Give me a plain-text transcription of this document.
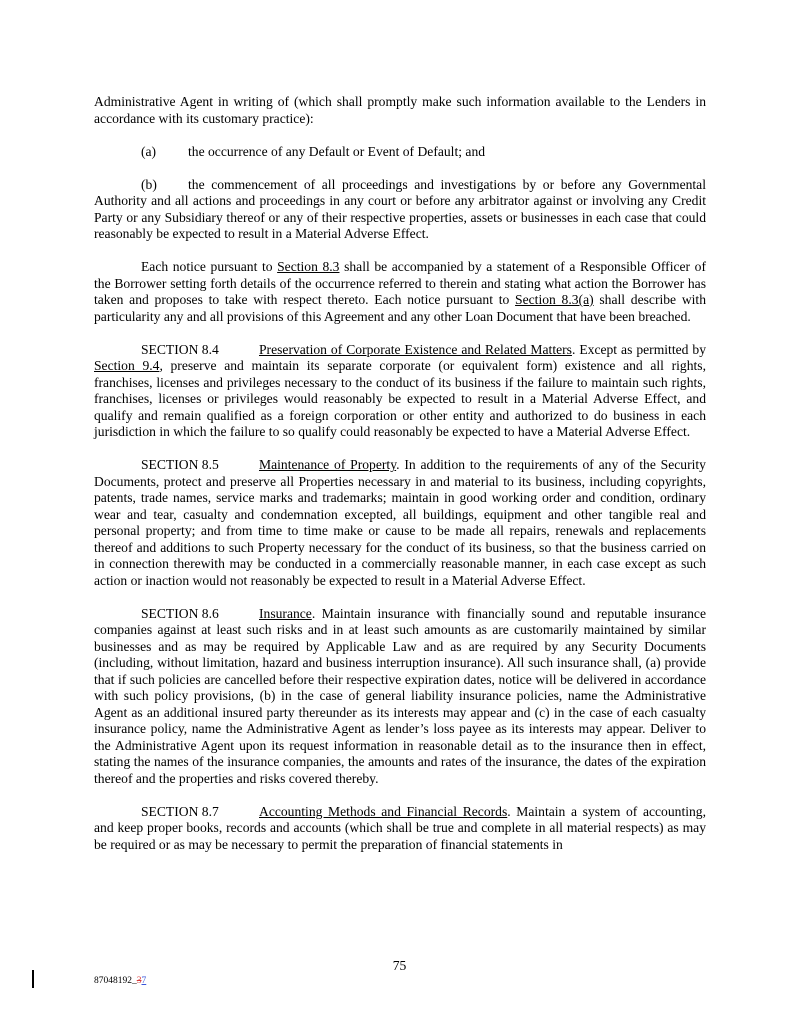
Administrative Agent in writing of (which shall promptly make such information available to the Lenders in accordance with its customary practice):

(a)	the occurrence of any Default or Event of Default; and

(b) the commencement of all proceedings and investigations by or before any Governmental Authority and all actions and proceedings in any court or before any arbitrator against or involving any Credit Party or any Subsidiary thereof or any of their respective properties, assets or businesses in each case that could reasonably be expected to result in a Material Adverse Effect.

Each notice pursuant to Section 8.3 shall be accompanied by a statement of a Responsible Officer of the Borrower setting forth details of the occurrence referred to therein and stating what action the Borrower has taken and proposes to take with respect thereto. Each notice pursuant to Section 8.3(a) shall describe with particularity any and all provisions of this Agreement and any other Loan Document that have been breached.

SECTION 8.4	Preservation of Corporate Existence and Related Matters. Except as permitted by Section 9.4, preserve and maintain its separate corporate (or equivalent form) existence and all rights, franchises, licenses and privileges necessary to the conduct of its business if the failure to maintain such rights, franchises, licenses or privileges would reasonably be expected to result in a Material Adverse Effect, and qualify and remain qualified as a foreign corporation or other entity and authorized to do business in each jurisdiction in which the failure to so qualify could reasonably be expected to have a Material Adverse Effect.

SECTION 8.5	Maintenance of Property. In addition to the requirements of any of the Security Documents, protect and preserve all Properties necessary in and material to its business, including copyrights, patents, trade names, service marks and trademarks; maintain in good working order and condition, ordinary wear and tear, casualty and condemnation excepted, all buildings, equipment and other tangible real and personal property; and from time to time make or cause to be made all repairs, renewals and replacements thereof and additions to such Property necessary for the conduct of its business, so that the business carried on in connection therewith may be conducted in a commercially reasonable manner, in each case except as such action or inaction would not reasonably be expected to result in a Material Adverse Effect.

SECTION 8.6	Insurance. Maintain insurance with financially sound and reputable insurance companies against at least such risks and in at least such amounts as are customarily maintained by similar businesses and as may be required by Applicable Law and as are required by any Security Documents (including, without limitation, hazard and business interruption insurance). All such insurance shall, (a) provide that if such policies are cancelled before their respective expiration dates, notice will be delivered in accordance with such policy provisions, (b) in the case of general liability insurance policies, name the Administrative Agent as an additional insured party thereunder as its interests may appear and (c) in the case of each casualty insurance policy, name the Administrative Agent as lender’s loss payee as its interests may appear. Deliver to the Administrative Agent upon its request information in reasonable detail as to the insurance then in effect, stating the names of the insurance companies, the amounts and rates of the insurance, the dates of the expiration thereof and the properties and risks covered thereby.

SECTION 8.7	Accounting Methods and Financial Records. Maintain a system of accounting, and keep proper books, records and accounts (which shall be true and complete in all material respects) as may be required or as may be necessary to permit the preparation of financial statements in

75
87048192_37
